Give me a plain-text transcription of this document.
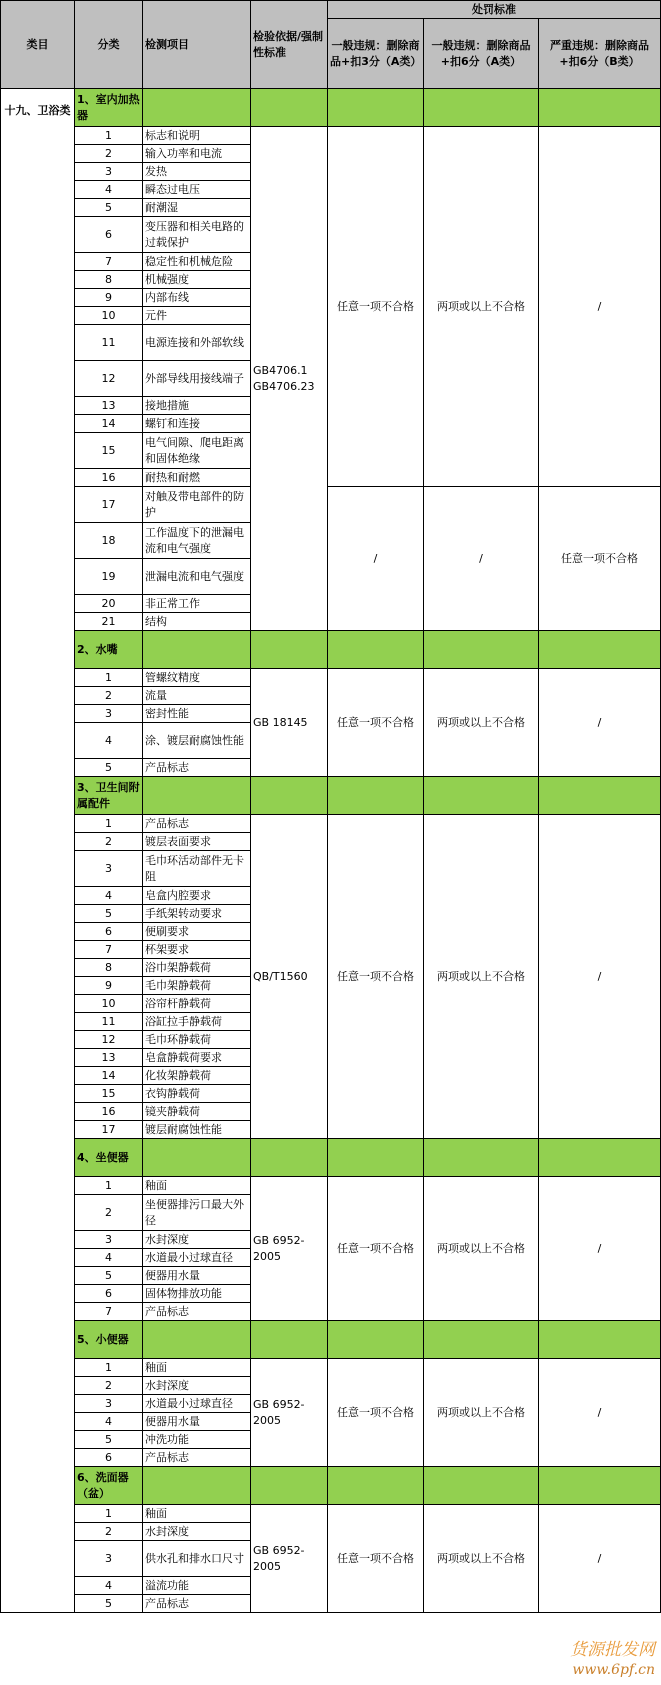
类目	分类	检测项目	检验依据/强制性标准	处罚标准		
				一般违规：删除商品+扣3分（A类）	一般违规：删除商品+扣6分（A类）	严重违规：删除商品+扣6分（B类）
十九、卫浴类	1、室内加热器					
	1	标志和说明	GB4706.1 GB4706.23	任意一项不合格	两项或以上不合格	/
	2	输入功率和电流				
	3	发热				
	4	瞬态过电压				
	5	耐潮湿				
	6	变压器和相关电路的过载保护				
	7	稳定性和机械危险				
	8	机械强度				
	9	内部布线				
	10	元件				
	11	电源连接和外部软线				
	12	外部导线用接线端子				
	13	接地措施				
	14	螺钉和连接				
	15	电气间隙、爬电距离和固体绝缘				
	16	耐热和耐燃				
	17	对触及带电部件的防护		/	/	任意一项不合格
	18	工作温度下的泄漏电流和电气强度				
	19	泄漏电流和电气强度				
	20	非正常工作				
	21	结构				
	2、水嘴					
	1	管螺纹精度	GB 18145	任意一项不合格	两项或以上不合格	/
	2	流量				
	3	密封性能				
	4	涂、镀层耐腐蚀性能				
	5	产品标志				
	3、卫生间附属配件					
	1	产品标志	QB/T1560	任意一项不合格	两项或以上不合格	/
	2	镀层表面要求				
	3	毛巾环活动部件无卡阻				
	4	皂盒内腔要求				
	5	手纸架转动要求				
	6	便刷要求				
	7	杯架要求				
	8	浴巾架静载荷				
	9	毛巾架静载荷				
	10	浴帘杆静载荷				
	11	浴缸拉手静载荷				
	12	毛巾环静载荷				
	13	皂盒静载荷要求				
	14	化妆架静载荷				
	15	衣钩静载荷				
	16	镜夹静载荷				
	17	镀层耐腐蚀性能				
	4、坐便器					
	1	釉面	GB 6952-2005	任意一项不合格	两项或以上不合格	/
	2	坐便器排污口最大外径				
	3	水封深度				
	4	水道最小过球直径				
	5	便器用水量				
	6	固体物排放功能				
	7	产品标志				
	5、小便器					
	1	釉面	GB 6952-2005	任意一项不合格	两项或以上不合格	/
	2	水封深度				
	3	水道最小过球直径				
	4	便器用水量				
	5	冲洗功能				
	6	产品标志				
	6、洗面器（盆）					
	1	釉面	GB 6952-2005	任意一项不合格	两项或以上不合格	/
	2	水封深度				
	3	供水孔和排水口尺寸				
	4	溢流功能				
	5	产品标志				
货源批发网
www.6pf.cn
